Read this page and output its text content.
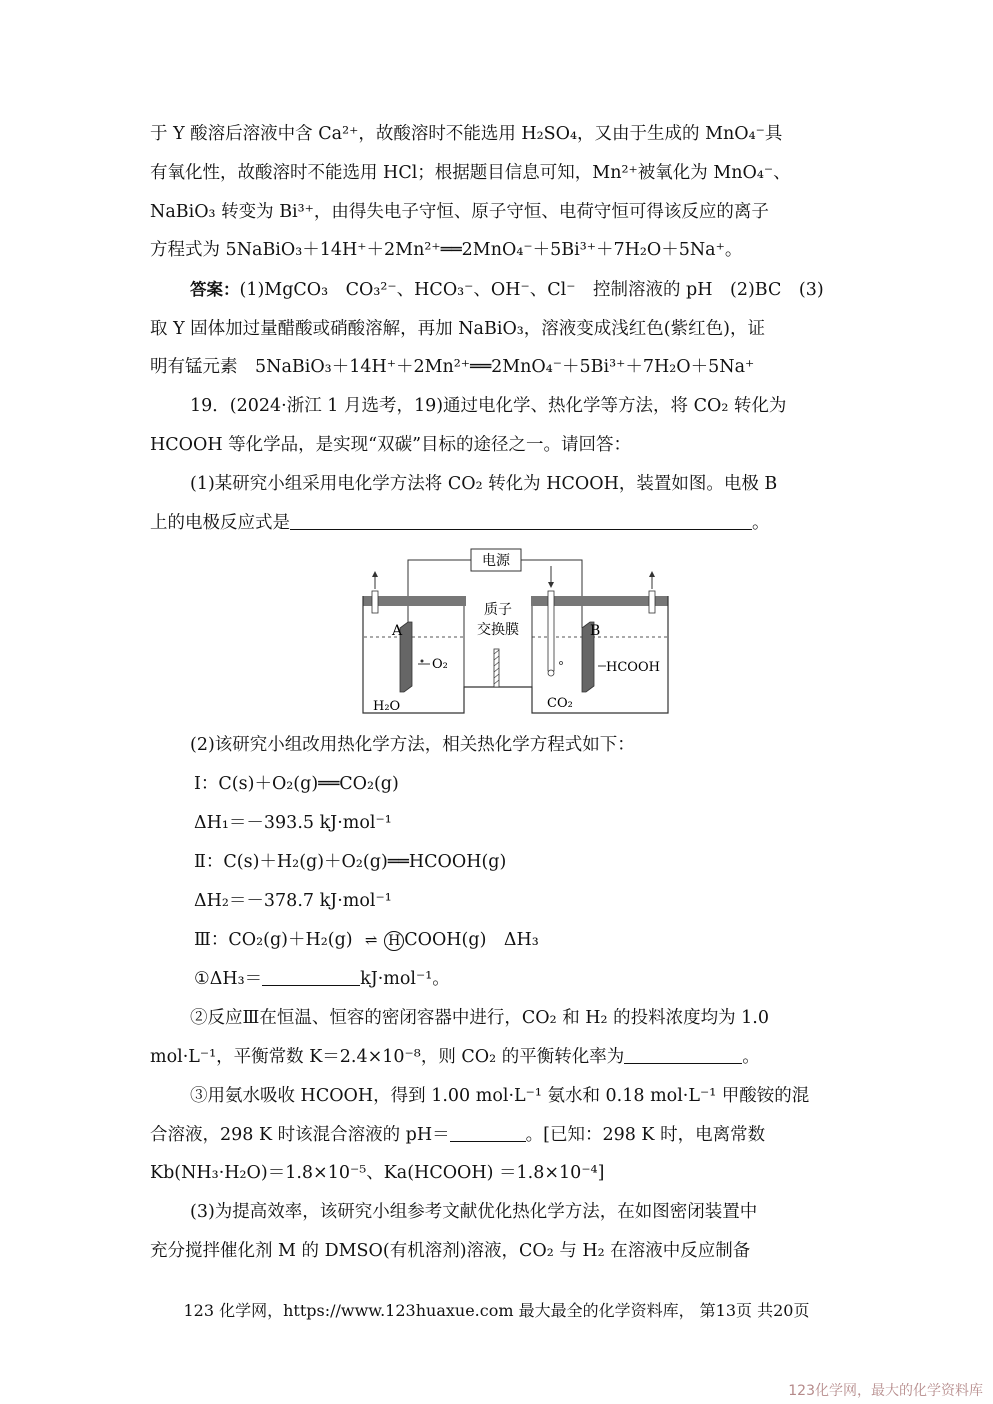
于 Y 酸溶后溶液中含 Ca²⁺，故酸溶时不能选用 H₂SO₄，又由于生成的 MnO₄⁻具
有氧化性，故酸溶时不能选用 HCl；根据题目信息可知，Mn²⁺被氧化为 MnO₄⁻、
NaBiO₃ 转变为 Bi³⁺，由得失电子守恒、原子守恒、电荷守恒可得该反应的离子
方程式为 5NaBiO₃＋14H⁺＋2Mn²⁺══2MnO₄⁻＋5Bi³⁺＋7H₂O＋5Na⁺。
答案：(1)MgCO₃　CO₃²⁻、HCO₃⁻、OH⁻、Cl⁻　控制溶液的 pH　(2)BC　(3)
取 Y 固体加过量醋酸或硝酸溶解，再加 NaBiO₃，溶液变成浅红色(紫红色)，证
明有锰元素　5NaBiO₃＋14H⁺＋2Mn²⁺══2MnO₄⁻＋5Bi³⁺＋7H₂O＋5Na⁺
19．(2024·浙江 1 月选考，19)通过电化学、热化学等方法，将 CO₂ 转化为
HCOOH 等化学品，是实现“双碳”目标的途径之一。请回答：
(1)某研究小组采用电化学方法将 CO₂ 转化为 HCOOH，装置如图。电极 B
上的电极反应式是	。
电源
质子
交换膜
A
O₂
H₂O
B
HCOOH
CO₂
(2)该研究小组改用热化学方法，相关热化学方程式如下：
Ⅰ：C(s)＋O₂(g)══CO₂(g)
ΔH₁＝－393.5 kJ·mol⁻¹
Ⅱ：C(s)＋H₂(g)＋O₂(g)══HCOOH(g)
ΔH₂＝－378.7 kJ·mol⁻¹
Ⅲ：CO₂(g)＋H₂(g) ⇌ H COOH(g)　ΔH₃
①ΔH₃＝	kJ·mol⁻¹。
②反应Ⅲ在恒温、恒容的密闭容器中进行，CO₂ 和 H₂ 的投料浓度均为 1.0
mol·L⁻¹，平衡常数 K＝2.4×10⁻⁸，则 CO₂ 的平衡转化率为	。
③用氨水吸收 HCOOH，得到 1.00 mol·L⁻¹ 氨水和 0.18 mol·L⁻¹ 甲酸铵的混
合溶液，298 K 时该混合溶液的 pH＝	。[已知：298 K 时，电离常数
Kb(NH₃·H₂O)＝1.8×10⁻⁵、Ka(HCOOH) ＝1.8×10⁻⁴]
(3)为提高效率，该研究小组参考文献优化热化学方法，在如图密闭装置中
充分搅拌催化剂 M 的 DMSO(有机溶剂)溶液，CO₂ 与 H₂ 在溶液中反应制备
123 化学网，https://www.123huaxue.com 最大最全的化学资料库， 第13页 共20页
123化学网，最大的化学资料库
